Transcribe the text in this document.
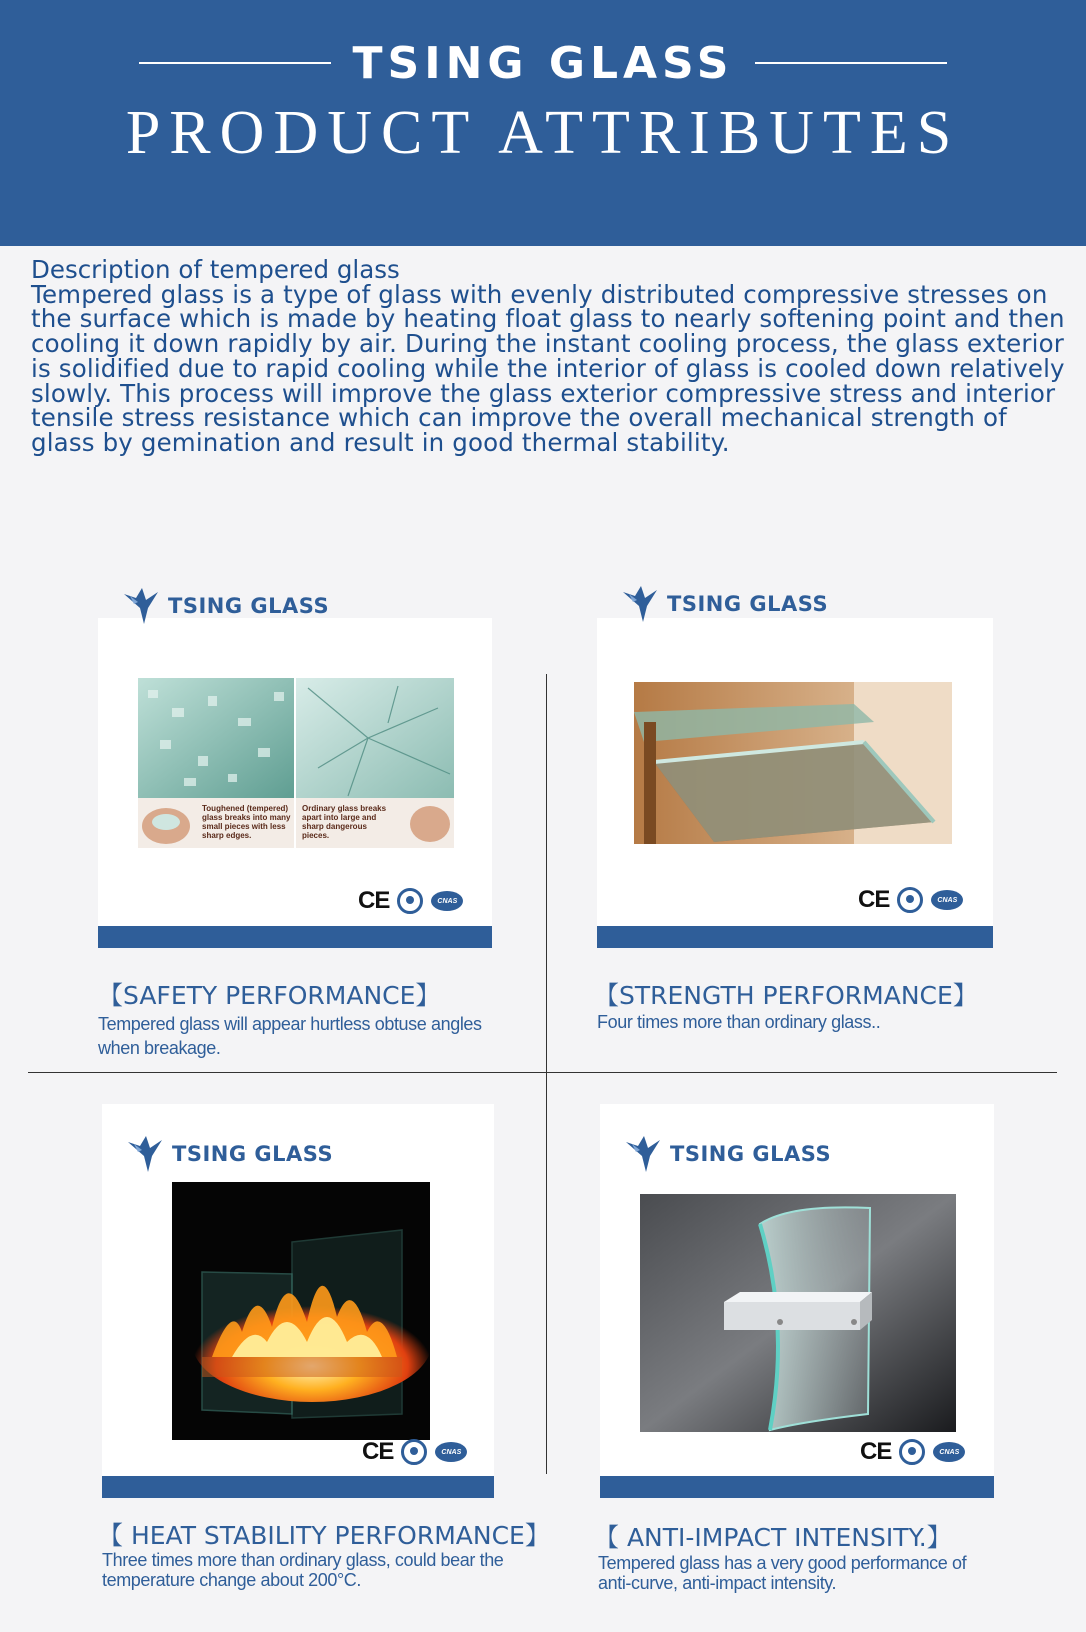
TSING GLASS
PRODUCT ATTRIBUTES
Description of tempered glass
Tempered glass is a type of glass with evenly distributed compressive stresses on the surface which is made by heating float glass to nearly softening point and then cooling it down rapidly by air. During the instant cooling process, the glass exterior is solidified due to rapid cooling while the interior of glass is cooled down relatively slowly. This process will improve the glass exterior compressive stress and interior tensile stress resistance which can improve the overall mechanical strength of glass by gemination and result in good thermal stability.
TSING GLASS
Toughened (tempered) glass breaks into many small pieces with less sharp edges.
Ordinary glass breaks apart into large and sharp dangerous pieces.
CE	CNAS
【SAFETY PERFORMANCE】
Tempered glass will appear hurtless obtuse angles
when breakage.
TSING GLASS
CE	CNAS
【STRENGTH PERFORMANCE】
Four times more than ordinary glass..
TSING GLASS
CE	CNAS
【 HEAT STABILITY PERFORMANCE】
Three times more than ordinary glass, could bear the
temperature change about 200°C.
TSING GLASS
CE	CNAS
【 ANTI-IMPACT INTENSITY.】
Tempered glass has a very good performance of
anti-curve, anti-impact intensity.
